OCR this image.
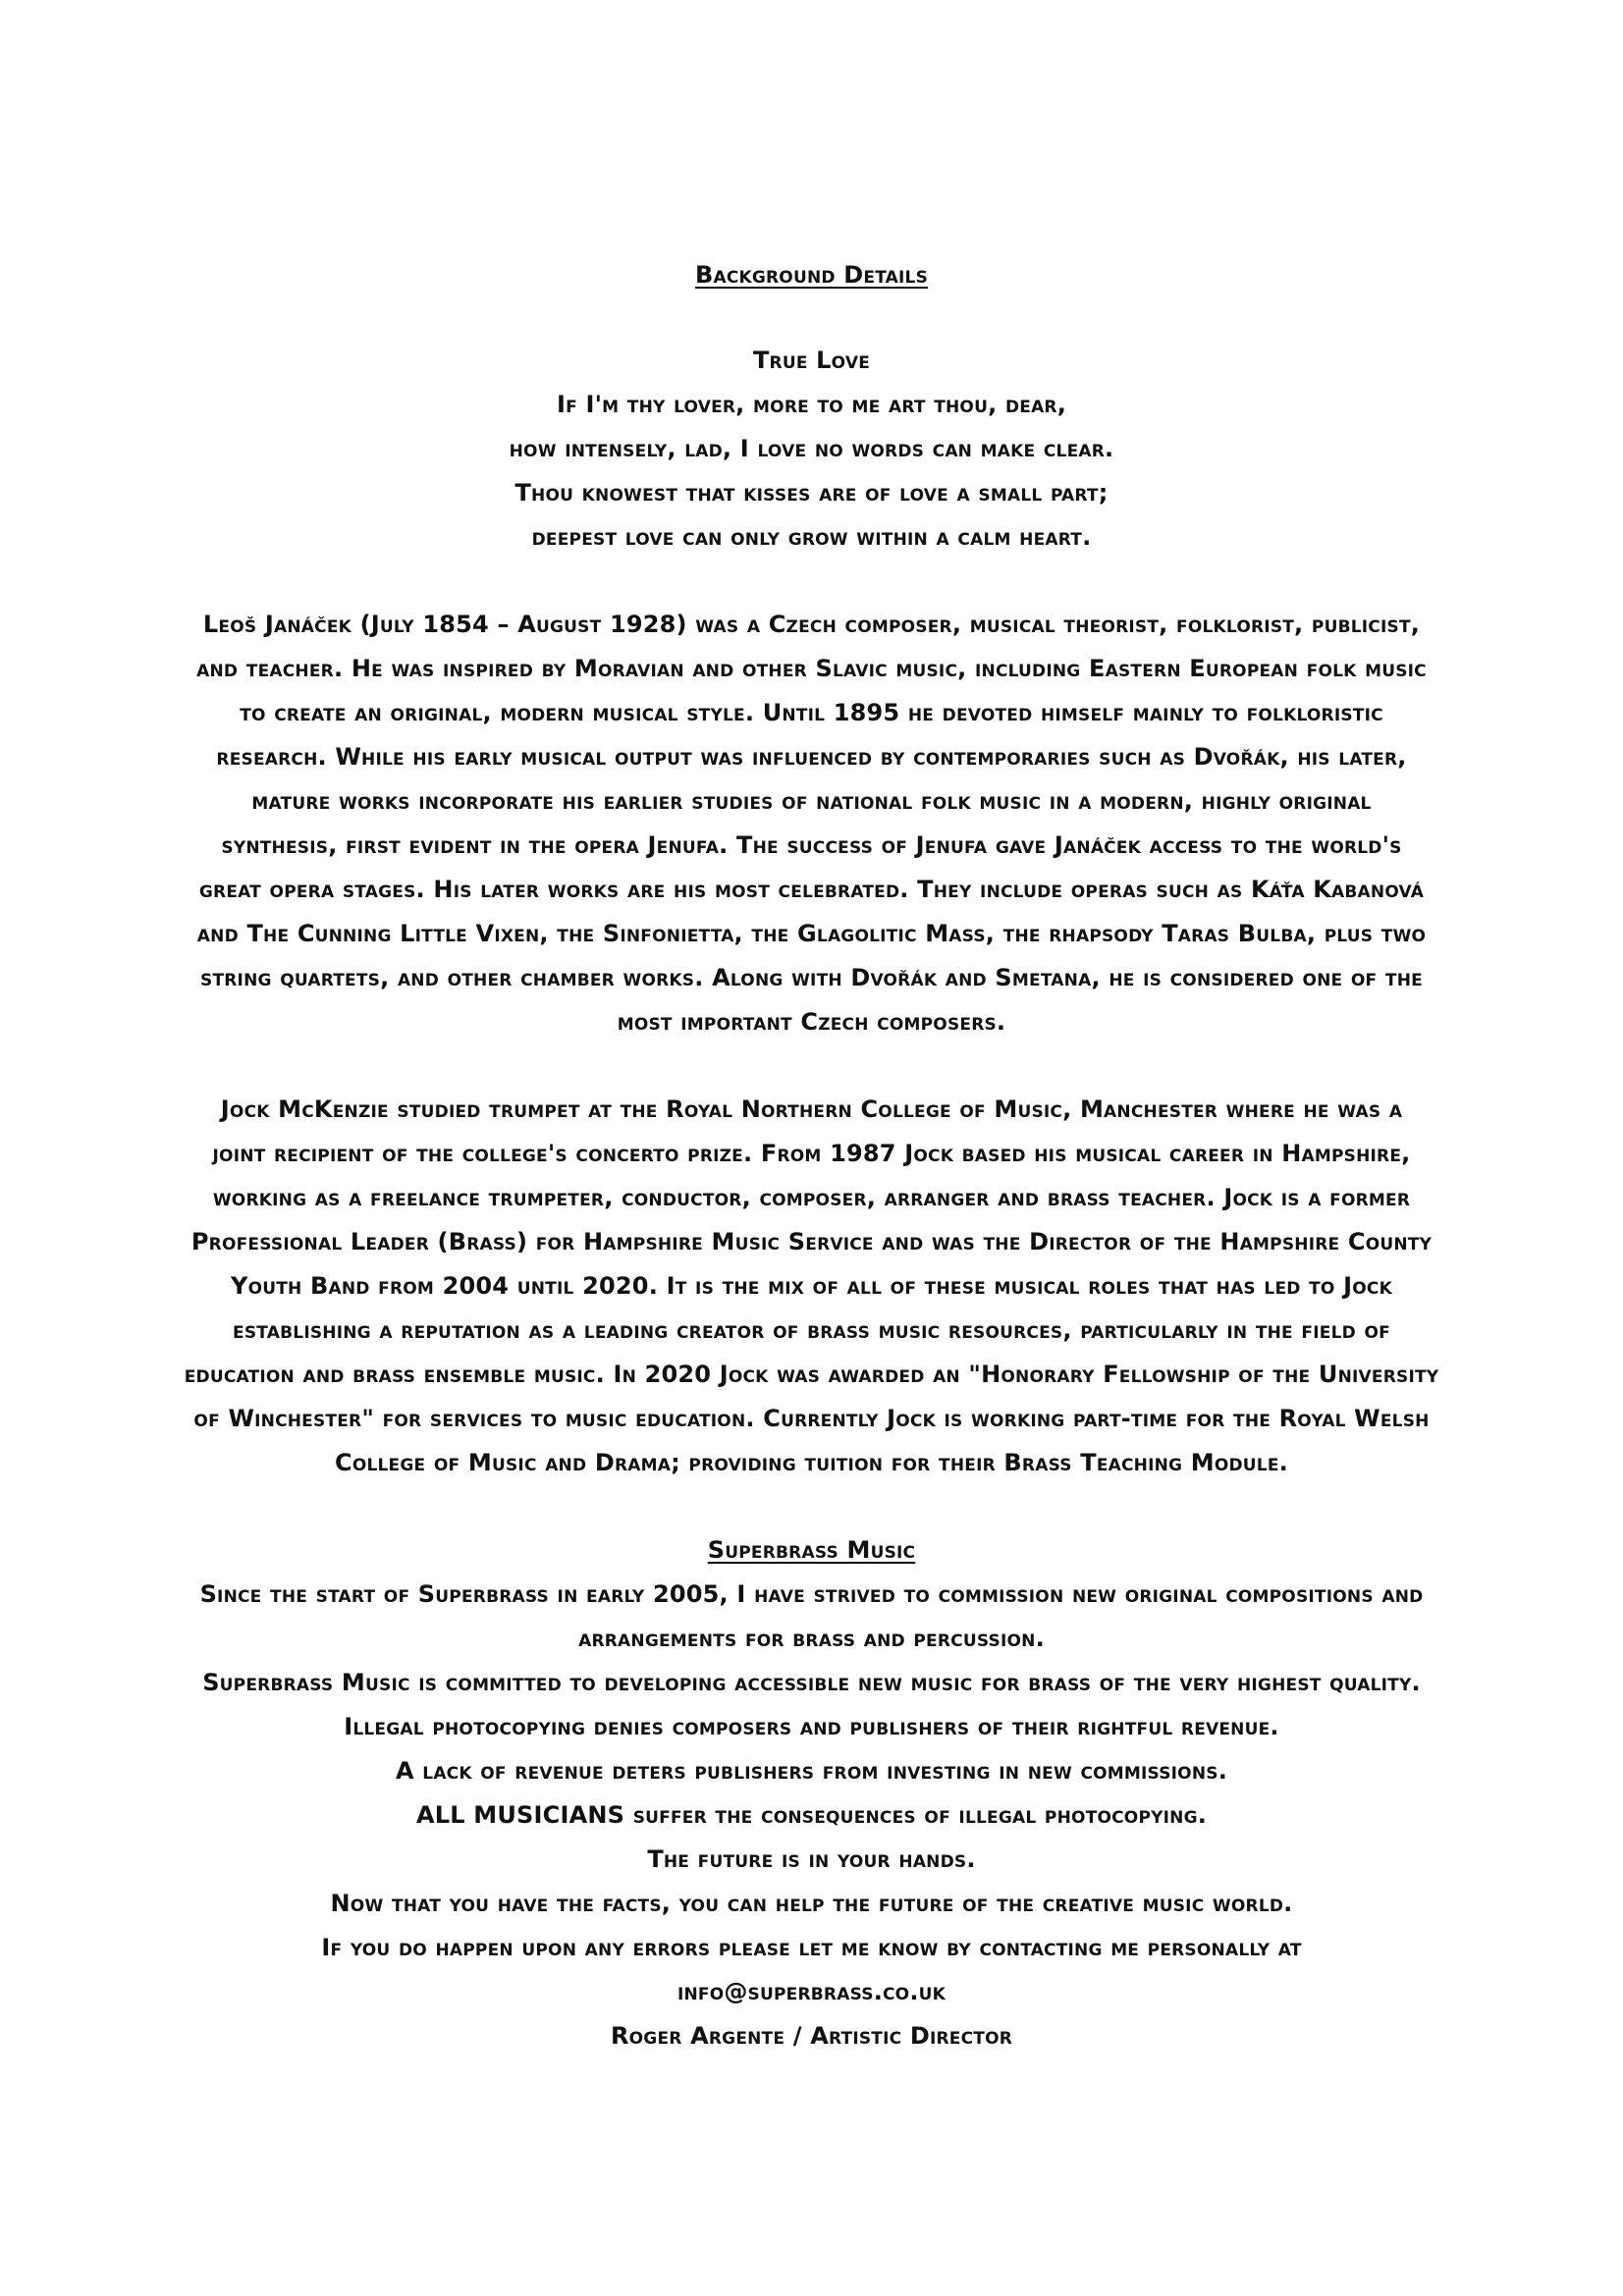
Background Details
True Love
If I'm thy lover, more to me art thou, dear,
how intensely, lad, I love no words can make clear.
Thou knowest that kisses are of love a small part;
deepest love can only grow within a calm heart.
Leoš Janáček (July 1854 – August 1928) was a Czech composer, musical theorist, folklorist, publicist,
and teacher. He was inspired by Moravian and other Slavic music, including Eastern European folk music
to create an original, modern musical style. Until 1895 he devoted himself mainly to folkloristic
research. While his early musical output was influenced by contemporaries such as Dvořák, his later,
mature works incorporate his earlier studies of national folk music in a modern, highly original
synthesis, first evident in the opera Jenufa. The success of Jenufa gave Janáček access to the world's
great opera stages. His later works are his most celebrated. They include operas such as Káťa Kabanová
and The Cunning Little Vixen, the Sinfonietta, the Glagolitic Mass, the rhapsody Taras Bulba, plus two
string quartets, and other chamber works. Along with Dvořák and Smetana, he is considered one of the
most important Czech composers.
Jock McKenzie studied trumpet at the Royal Northern College of Music, Manchester where he was a
joint recipient of the college's concerto prize. From 1987 Jock based his musical career in Hampshire,
working as a freelance trumpeter, conductor, composer, arranger and brass teacher. Jock is a former
Professional Leader (Brass) for Hampshire Music Service and was the Director of the Hampshire County
Youth Band from 2004 until 2020. It is the mix of all of these musical roles that has led to Jock
establishing a reputation as a leading creator of brass music resources, particularly in the field of
education and brass ensemble music. In 2020 Jock was awarded an "Honorary Fellowship of the University
of Winchester" for services to music education. Currently Jock is working part-time for the Royal Welsh
College of Music and Drama; providing tuition for their Brass Teaching Module.
Superbrass Music
Since the start of Superbrass in early 2005, I have strived to commission new original compositions and
arrangements for brass and percussion.
Superbrass Music is committed to developing accessible new music for brass of the very highest quality.
Illegal photocopying denies composers and publishers of their rightful revenue.
A lack of revenue deters publishers from investing in new commissions.
ALL MUSICIANS suffer the consequences of illegal photocopying.
The future is in your hands.
Now that you have the facts, you can help the future of the creative music world.
If you do happen upon any errors please let me know by contacting me personally at
info@superbrass.co.uk
Roger Argente / Artistic Director
